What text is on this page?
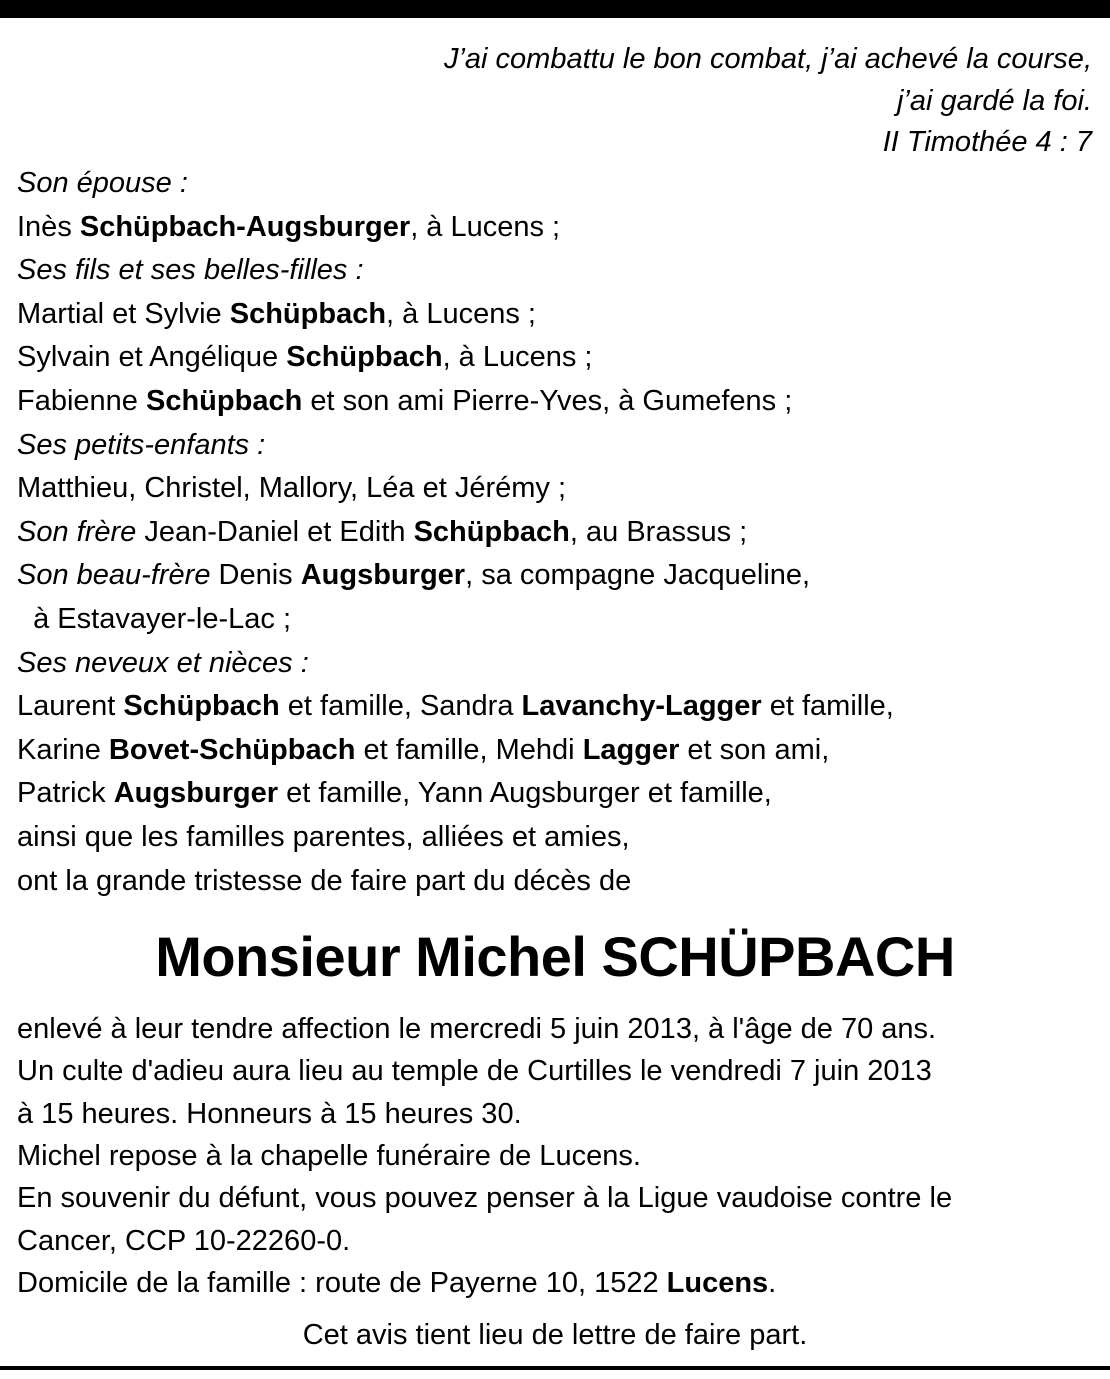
J’ai combattu le bon combat, j’ai achevé la course,
j’ai gardé la foi.
II Timothée 4 : 7
Son épouse :
Inès Schüpbach-Augsburger, à Lucens ;
Ses fils et ses belles-filles :
Martial et Sylvie Schüpbach, à Lucens ;
Sylvain et Angélique Schüpbach, à Lucens ;
Fabienne Schüpbach et son ami Pierre-Yves, à Gumefens ;
Ses petits-enfants :
Matthieu, Christel, Mallory, Léa et Jérémy ;
Son frère Jean-Daniel et Edith Schüpbach, au Brassus ;
Son beau-frère Denis Augsburger, sa compagne Jacqueline,
à Estavayer-le-Lac ;
Ses neveux et nièces :
Laurent Schüpbach et famille, Sandra Lavanchy-Lagger et famille,
Karine Bovet-Schüpbach et famille, Mehdi Lagger et son ami,
Patrick Augsburger et famille, Yann Augsburger et famille,
ainsi que les familles parentes, alliées et amies,
ont la grande tristesse de faire part du décès de
Monsieur Michel SCHÜPBACH
enlevé à leur tendre affection le mercredi 5 juin 2013, à l'âge de 70 ans.
Un culte d'adieu aura lieu au temple de Curtilles le vendredi 7 juin 2013
à 15 heures. Honneurs à 15 heures 30.
Michel repose à la chapelle funéraire de Lucens.
En souvenir du défunt, vous pouvez penser à la Ligue vaudoise contre le
Cancer, CCP 10-22260-0.
Domicile de la famille : route de Payerne 10, 1522 Lucens.
Cet avis tient lieu de lettre de faire part.
